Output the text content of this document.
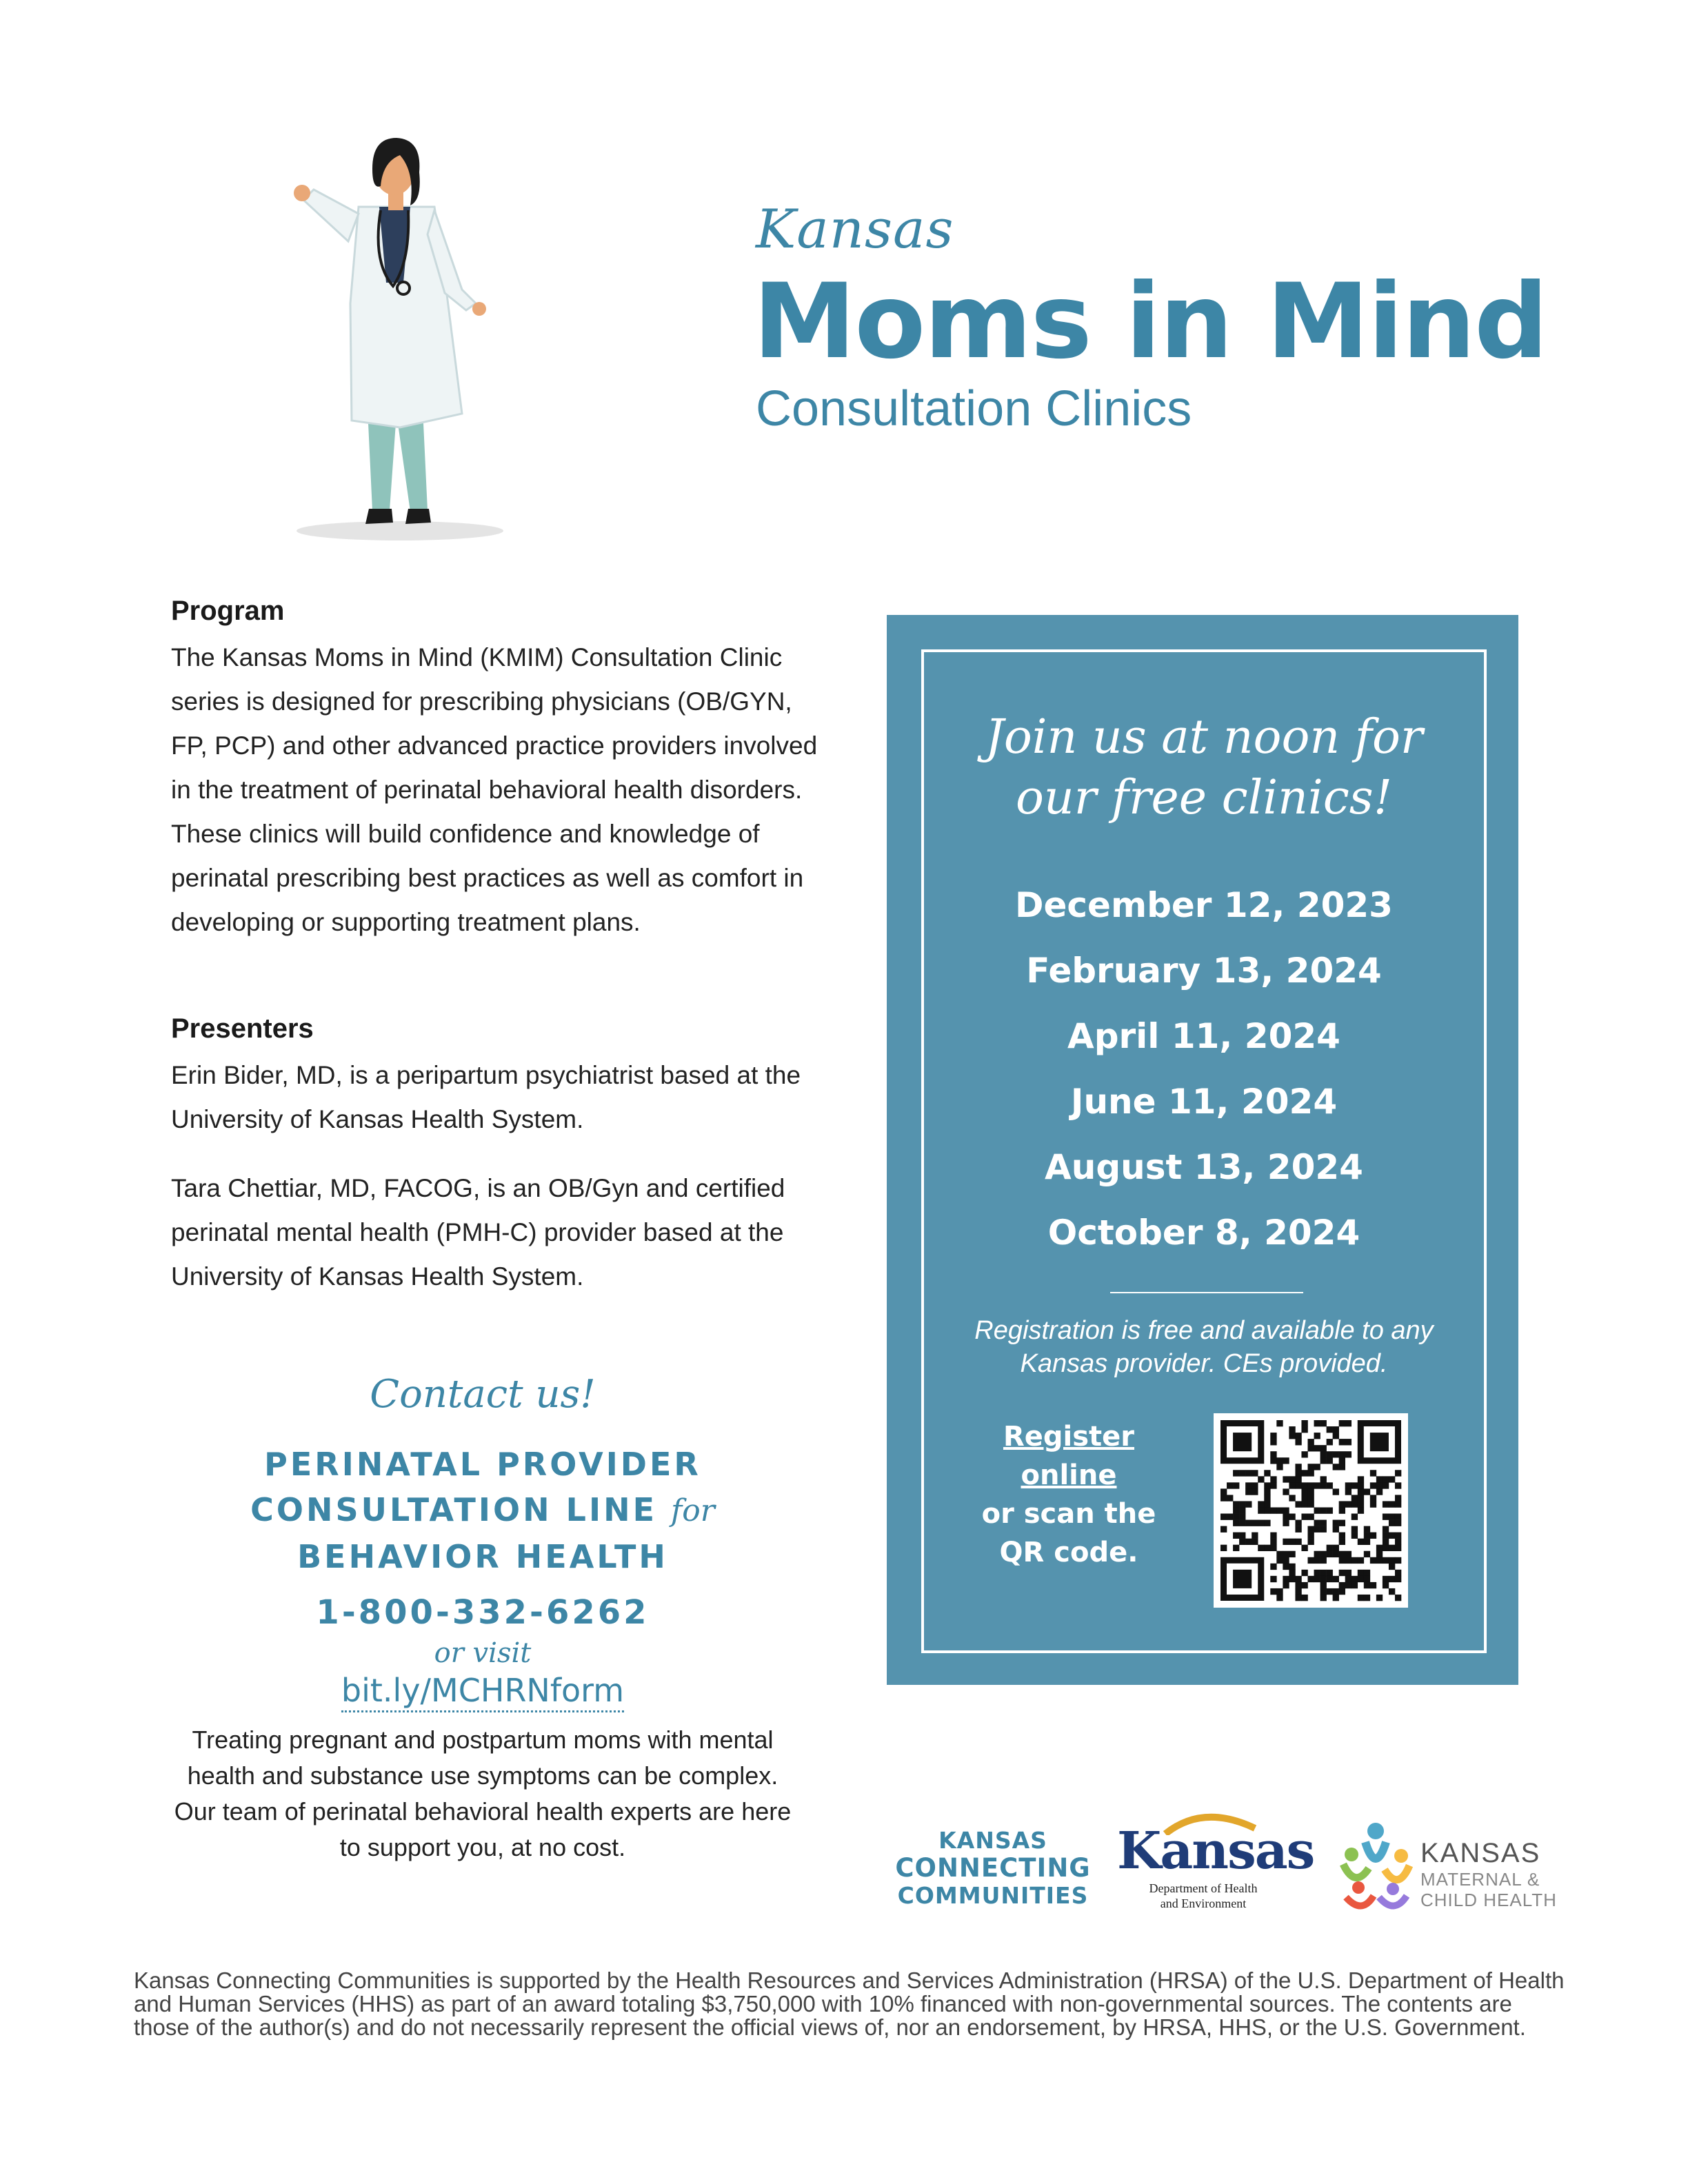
Kansas
Moms in Mind
Consultation Clinics
Program
The Kansas Moms in Mind (KMIM) Consultation Clinic series is designed for prescribing physicians (OB/GYN, FP, PCP) and other advanced practice providers involved in the treatment of perinatal behavioral health disorders. These clinics will build confidence and knowledge of perinatal prescribing best practices as well as comfort in developing or supporting treatment plans.
Presenters
Erin Bider, MD, is a peripartum psychiatrist based at the University of Kansas Health System.
Tara Chettiar, MD, FACOG, is an OB/Gyn and certified perinatal mental health (PMH-C) provider based at the University of Kansas Health System.
Contact us!
PERINATAL PROVIDER
CONSULTATION LINE for
BEHAVIOR HEALTH
1-800-332-6262
or visit
bit.ly/MCHRNform
Treating pregnant and postpartum moms with mental health and substance use symptoms can be complex. Our team of perinatal behavioral health experts are here to support you, at no cost.
Join us at noon for
our free clinics!
December 12, 2023
February 13, 2024
April 11, 2024
June 11, 2024
August 13, 2024
October 8, 2024
Registration is free and available to any
Kansas provider. CEs provided.
Register online
or scan the
QR code.
KANSAS
CONNECTING
COMMUNITIES
Kansas
Department of Health
and Environment
KANSAS
MATERNAL &
CHILD HEALTH
Kansas Connecting Communities is supported by the Health Resources and Services Administration (HRSA) of the U.S. Department of Health and Human Services (HHS) as part of an award totaling $3,750,000 with 10% financed with non-governmental sources. The contents are those of the author(s) and do not necessarily represent the official views of, nor an endorsement, by HRSA, HHS, or the U.S. Government.
